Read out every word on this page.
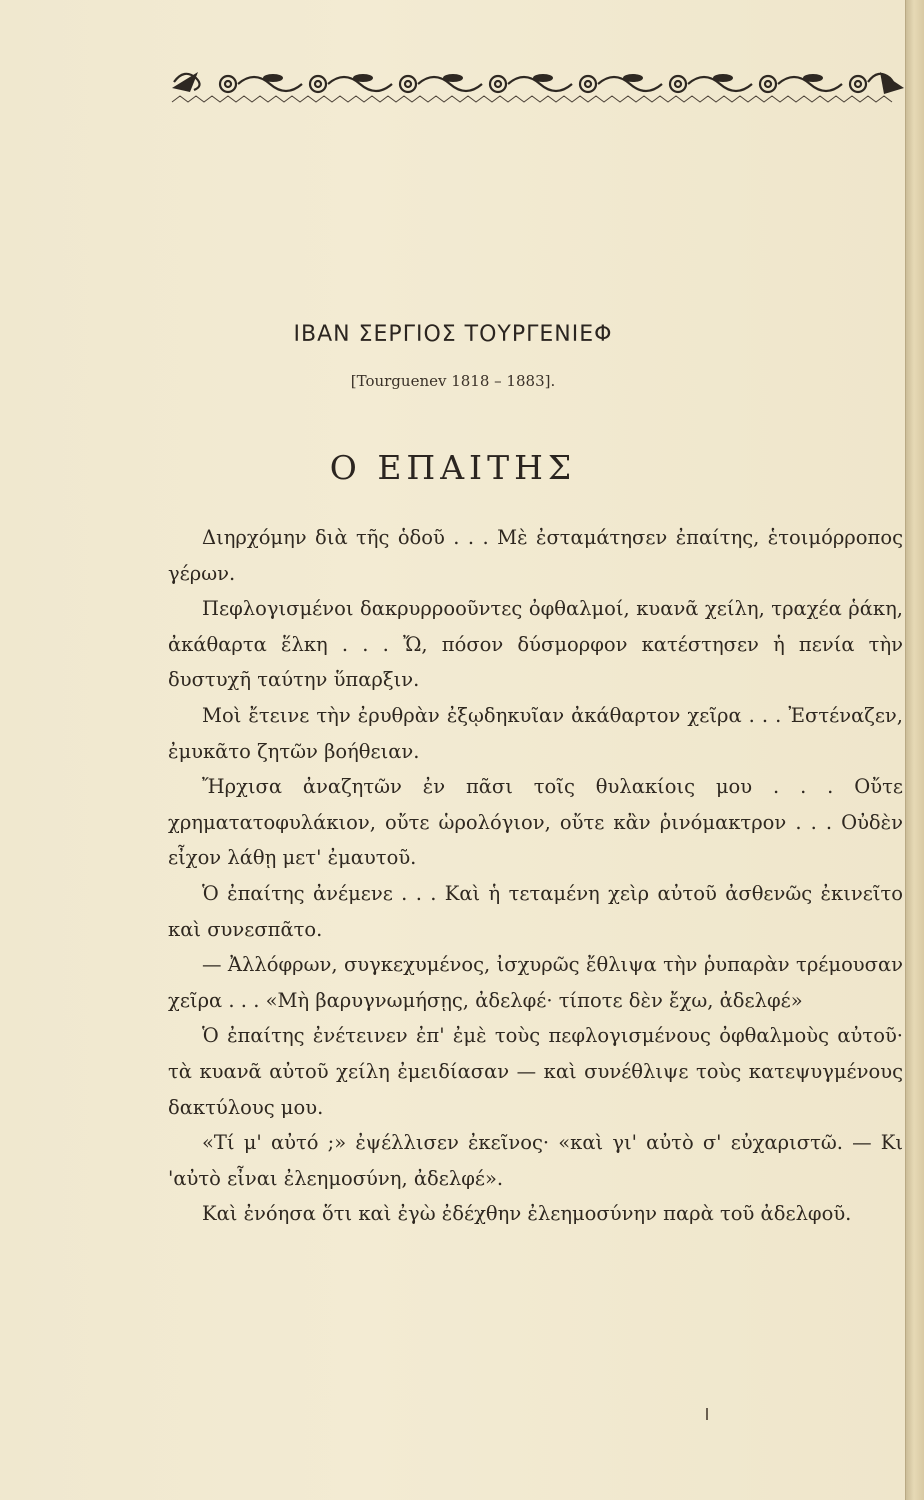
ΙΒΑΝ ΣΕΡΓΙΟΣ ΤΟΥΡΓΕΝΙΕΦ
[Tourguenev 1818 – 1883].
Ο ΕΠΑΙΤΗΣ

Διηρχόμην διὰ τῆς ὁδοῦ . . . Μὲ ἐσταμάτησεν ἐπαίτης, ἑτοιμόρροπος γέρων.

Πεφλογισμένοι δακρυρροοῦντες ὀφθαλμοί, κυανᾶ χείλη, τραχέα ῥάκη, ἀκάθαρτα ἕλκη . . . Ὤ, πόσον δύσμορφον κατέστησεν ἡ πενία τὴν δυστυχῆ ταύτην ὕπαρξιν.

Μοὶ ἔτεινε τὴν ἐρυθρὰν ἐξῳδηκυῖαν ἀκάθαρτον χεῖρα . . . Ἐστέναζεν, ἐμυκᾶτο ζητῶν βοήθειαν.

Ἤρχισα ἀναζητῶν ἐν πᾶσι τοῖς θυλακίοις μου . . . Οὔτε χρηματατοφυλάκιον, οὔτε ὡρολόγιον, οὔτε κἂν ῥινόμακτρον . . . Οὐδὲν εἶχον λάθῃ μετ' ἐμαυτοῦ.

Ὁ ἐπαίτης ἀνέμενε . . . Καὶ ἡ τεταμένη χεὶρ αὐτοῦ ἀσθενῶς ἐκινεῖτο καὶ συνεσπᾶτο.

— Ἀλλόφρων, συγκεχυμένος, ἰσχυρῶς ἔθλιψα τὴν ῥυπαρὰν τρέμουσαν χεῖρα . . . «Μὴ βαρυγνωμήσῃς, ἀδελφέ· τίποτε δὲν ἔχω, ἀδελφέ»

Ὁ ἐπαίτης ἐνέτεινεν ἐπ' ἐμὲ τοὺς πεφλογισμένους ὀφθαλμοὺς αὐτοῦ· τὰ κυανᾶ αὐτοῦ χείλη ἐμειδίασαν — καὶ συνέθλιψε τοὺς κατεψυγμένους δακτύλους μου.

«Τί μ' αὐτό ;» ἐψέλλισεν ἐκεῖνος· «καὶ γι' αὐτὸ σ' εὐχαριστῶ. — Κι 'αὐτὸ εἶναι ἐλεημοσύνη, ἀδελφέ».

Καὶ ἐνόησα ὅτι καὶ ἐγὼ ἐδέχθην ἐλεημοσύνην παρὰ τοῦ ἀδελφοῦ.
